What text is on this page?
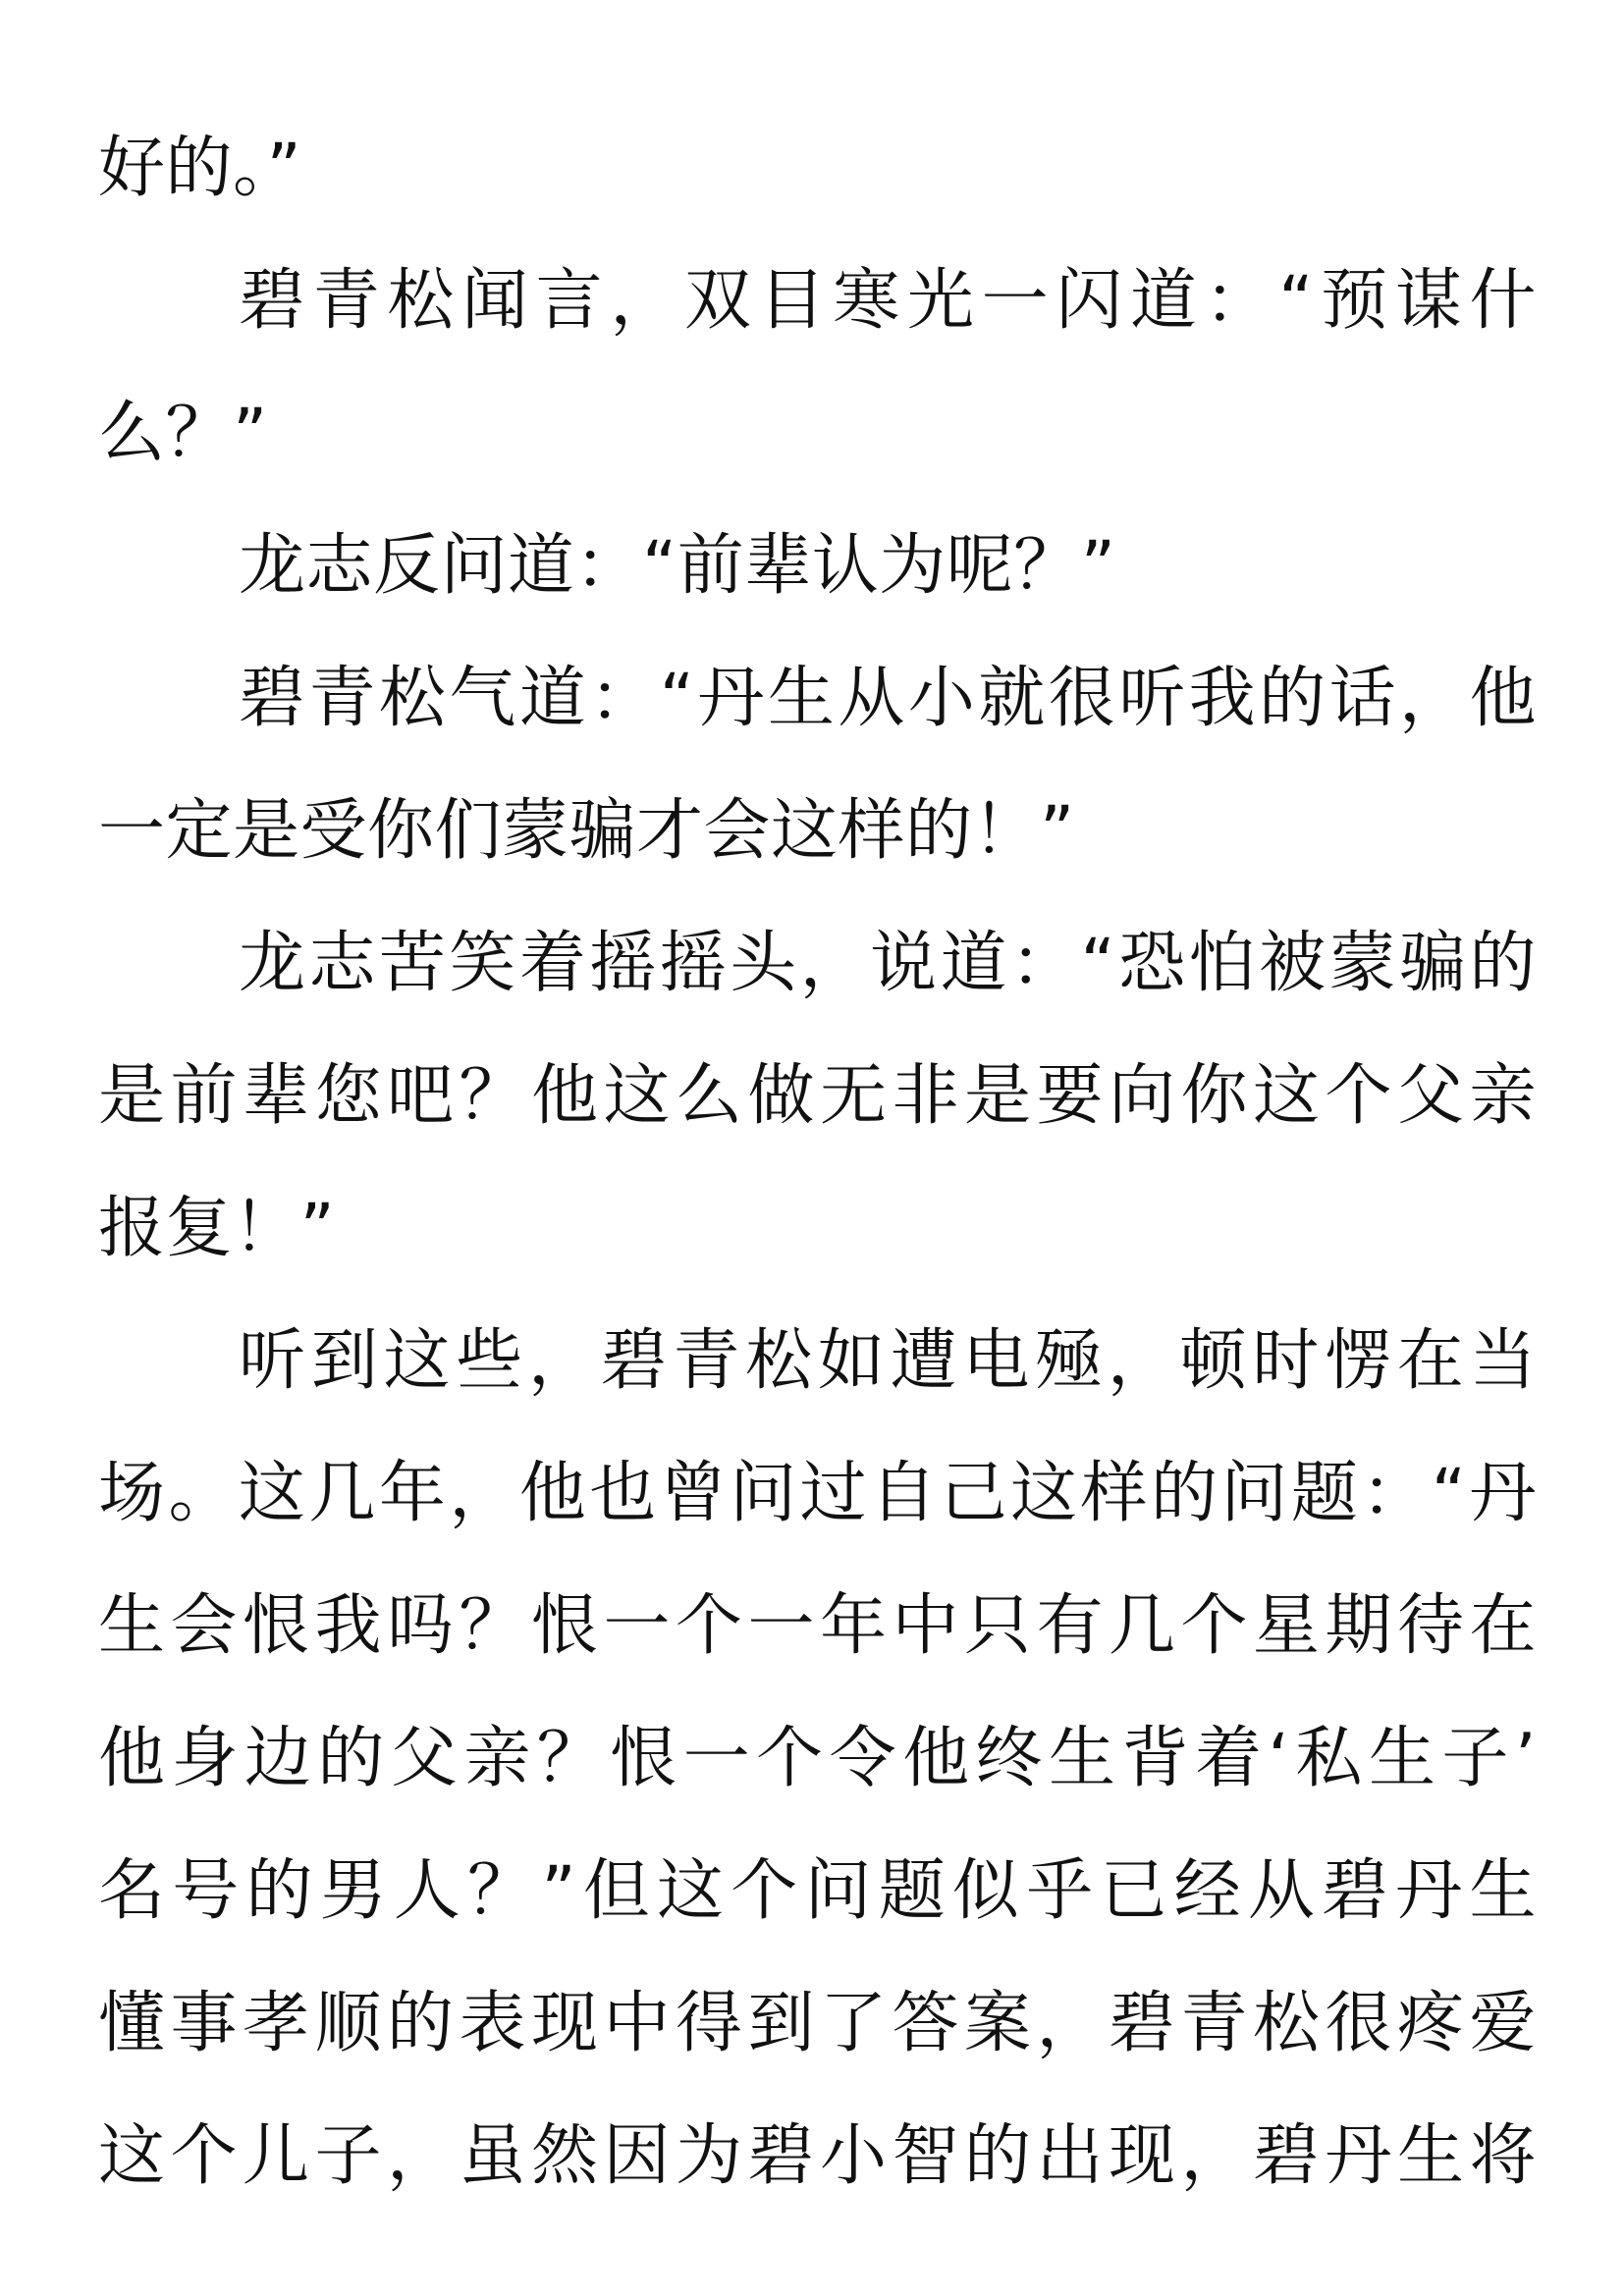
好的。”
碧青松闻言，双目寒光一闪道：“预谋什
么？”
龙志反问道：“前辈认为呢？”
碧青松气道：“丹生从小就很听我的话，他
一定是受你们蒙骗才会这样的！”
龙志苦笑着摇摇头，说道：“恐怕被蒙骗的
是前辈您吧？他这么做无非是要向你这个父亲
报复！”
听到这些，碧青松如遭电殛，顿时愣在当
场。这几年，他也曾问过自己这样的问题：“丹
生会恨我吗？恨一个一年中只有几个星期待在
他身边的父亲？恨一个令他终生背着‘私生子’
名号的男人？”但这个问题似乎已经从碧丹生
懂事孝顺的表现中得到了答案，碧青松很疼爱
这个儿子，虽然因为碧小智的出现，碧丹生将
